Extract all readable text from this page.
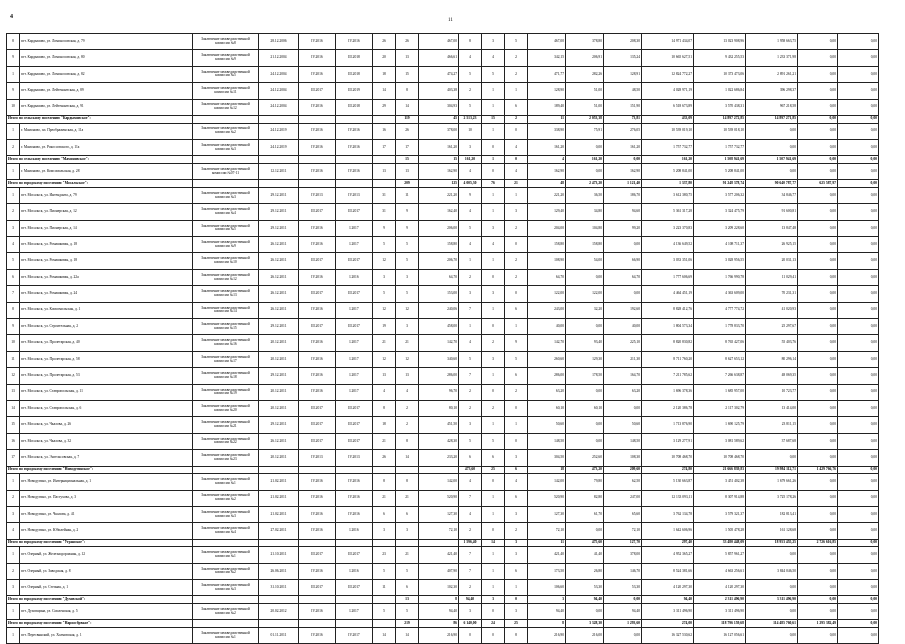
4
11
8	пгт. Кардымово, ул. Ломоносовская, д. 79	Заключение межведомственной комиссии №8	28.12.2006	IV.2016	IV.2016	26	26	467,00	8	3	5	467,00	378,80	208,30	14 971 434,07	13 023 908,96	1 958 663,75	0,00	0,00	
9	пгт. Кардымово, ул. Ломоносовская, д. 80	Заключение межведомственной комиссии №9	21.12.2004	IV.2016	III.2018	20	13	466,61	4	4	2	342,15	206,91	135,24	10 665 627,51	9 432 255,53	1 233 371,98	0,00	0,00	
1	пгт. Кардымово, ул. Ломоносовская, д. 82	Заключение межведомственной комиссии №5	24.12.2004	IV.2016	III.2018	18	15	474,27	5	5	2	471,77	282,26	128,91	12 824 772,27	10 373 473,06	2 891 261,21	0,00	0,00	
9	пгт. Кардымово, ул. Лейтенантская, д. 89	Заключение межведомственной комиссии №11	24.12.2004	III.2017	III.2019	14	8	403,38	2	1	1	128,90	51,00	48,50	4 028 971,19	1 022 686,84	396 298,37	0,00	0,00	
10	пгт. Кардымово, ул. Лейтенантская, д. 91	Заключение межведомственной комиссии №12	24.12.2004	IV.2016	III.2018	29	14	304,93	5	1	6	189,40	51,00	151,90	6 518 673,89	3 570 438,31	967 218,58	0,00	0,00	
Итого по сельскому поселению "Кардымовское":							119	45	2 513,23	15	2	11	2 053,38	73,81	433,09	14 897 272,85	14 897 271,85	0,00	0,00	
1	г. Мамоново, пл. Преображенская, д. 11а	Заключение межведомственной комиссии №2	24.12.2019	IV.2016	IV.2016	16	26	378,00	10	1	0	338,90	75,91	276,05	10 539 019,10	10 539 018,10	0,00	0,00	0,00	
2	г. Мамоново, ул. Рокоссовского, д. 11а	Заключение межведомственной комиссии №3	24.12.2019	IV.2016	IV.2016	17	17	161,20	3	0	4	161,20	0,00	161,20	1 757 732,77	1 757 732,77	0,00	0,00	0,00	
Итого по сельскому поселению "Мамоновское":							15	15	161,20	1	0	4	161,20	0,00	161,20	1 508 941,69	1 507 941,69	0,00	0,00	
1	г. Мамоново, ул. Комсомольская, д. 28	Заключение межведомственной комиссии №07-11	12.12.2011	IV.2016	IV.2016	13	13	162,90	4	0	4	162,90	0,00	162,90	5 208 841,00	5 208 841,00	0,00	0,00	0,00	
Итого по городскому поселению "Мосальское":							209	125	4 005,30	76	21	48	2 473,20	1 121,40	1 337,80	91 248 378,74	90 640 787,77	625 587,97	0,00	
1	пгт. Мосальск, ул. Интенданта, д. 79	Заключение межведомственной комиссии №3	29.12.2011	IV.2013	IV.2013	31	11	221,20	9	1	1	221,20	36,50	186,70	3 612 380,75	3 577 206,32	34 846,77	0,00	0,00	
2	пгт. Мосальск, ул. Пионерская, д. 12	Заключение межведомственной комиссии №4	29.12.2011	III.2017	III.2017	31	9	162,40	4	1	3	129,40	34,80	94,60	5 361 317,28	3 324 475,79	91 600,81	0,00	0,00	
3	пгт. Мосальск, ул. Пионерская, д. 14	Заключение межведомственной комиссии №5	29.12.2011	IV.2016	I.2017	9	9	206,00	5	3	2	204,00	104,80	99,20	3 223 370,83	3 209 228,60	13 847,48	0,00	0,00	
4	пгт. Мосальск, ул. Ромашковая, д. 18	Заключение межведомственной комиссии №9	26.12.2011	IV.2016	I.2017	5	5	158,80	4	4	0	158,80	158,80	0,00	4 136 649,52	4 108 711,37	26 925,15	0,00	0,00	
5	пгт. Мосальск, ул. Ромашковая, д. 18	Заключение межведомственной комиссии №10	26.12.2011	III.2017	III.2017	12	5	206,70	1	1	2	108,90	54,00	66,90	3 033 351,06	3 028 956,55	20 031,13	0,00	0,00	
6	пгт. Мосальск, ул. Ромашковая, д. 22а	Заключение межведомственной комиссии №12	26.12.2011	IV.2016	I.2016	3	3	64,70	2	0	2	64,70	0,00	64,70	1 777 606,69	1 766 990,78	11 029,41	0,00	0,00	
7	пгт. Мосальск, ул. Ромашковая, д. 24	Заключение межведомственной комиссии №13	26.12.2011	III.2017	III.2017	5	5	153,00	3	3	0	122,00	122,00	0,00	4 464 451,19	4 363 609,00	70 231,31	0,00	0,00	
8	пгт. Мосальск, ул. Комсомольская, д. 1	Заключение межведомственной комиссии №14	26.12.2011	IV.2016	I.2017	12	12	240,06	7	1	6	243,00	32,20	192,60	8 828 412,76	4 777 774,72	41 020,93	0,00	0,00	
9	пгт. Мосальск, ул. Строительная, д. 2	Заключение межведомственной комиссии №15	29.12.2011	III.2017	III.2017	19	3	458,00	1	0	1	40,00	0,00	40,00	1 804 573,34	1 778 833,70	25 297,67	0,00	0,00	
10	пгт. Мосальск, ул. Пролетарская, д. 40	Заключение межведомственной комиссии №16	20.12.2011	IV.2016	I.2017	21	21	142,70	4	2	9	142,70	93,40	225,10	8 820 830,82	8 765 427,06	55 403,76	0,00	0,00	
11	пгт. Мосальск, ул. Пролетарская, д. 58	Заключение межведомственной комиссии №17	20.12.2011	IV.2016	I.2017	12	12	340,60	5	3	5	260,60	129,30	211,30	8 711 760,20	8 627 653,12	80 296,14	0,00	0,00	
12	пгт. Мосальск, ул. Пролетарская, д. 53	Заключение межведомственной комиссии №18	29.12.2011	IV.2016	I.2017	13	13	286,00	7	1	6	286,00	178,50	164,70	7 211 785,62	7 266 638,87	48 069,35	0,00	0,00	
13	пгт. Мосальск, ул. Ставропольская, д. 11	Заключение межведомственной комиссии №19	20.12.2011	IV.2016	I.2017	4	4	96,70	2	0	2	63,20	0,00	63,20	1 696 378,36	1 685 957,00	10 723,77	0,00	0,00	
14	пгт. Мосальск, ул. Ставропольская, д. 6	Заключение межведомственной комиссии №20	20.12.2011	III.2017	III.2017	8	2	80,10	2	2	0	60,10	60,10	0,00	2 120 386,78	2 117 302,79	13 414,00	0,00	0,00	
15	пгт. Мосальск, ул. Чкалова, д. 26	Заключение межведомственной комиссии №21	29.12.2011	III.2017	III.2017	18	2	451,50	3	1	1	50,60	0,00	50,60	1 713 876,90	1 690 125,79	23 811,15	0,00	0,00	
16	пгт. Мосальск, ул. Чкалова, д. 32	Заключение межведомственной комиссии №22	26.12.2011	III.2017	III.2017	21	8	428,30	5	5	0	148,50	0,00	148,50	3 129 277,91	3 081 589,62	37 687,68	0,00	0,00	
17	пгт. Мосальск, ул. Энгельсовская, д. 7	Заключение межведомственной комиссии №23	20.12.2011	IV.2013	IV.2013	26	14	233,20	6	6	3	304,50	252,60	108,30	10 708 468,70	10 708 468,70	0,00	0,00	0,00	
Итого по городскому поселению "Новодугинское":									473,60	25	6	18	473,20	209,60	274,80	21 666 839,83	19 984 112,71	1 429 766,76	0,00	
1	пгт. Новодугино, ул. Интернациональная, д. 1	Заключение межведомственной комиссии №1	21.02.2011	IV.2016	IV.2016	8	8	142,00	4	0	4	142,00	79,80	62,50	5 130 663,87	3 451 402,38	1 679 661,26	0,00	0,00	
2	пгт. Новодугино, ул. Пастухова, д. 3	Заключение межведомственной комиссии №2	21.02.2011	IV.2016	IV.2016	21	21	520,90	7	1	6	520,90	82,80	247,00	12 133 093,11	8 307 914,88	3 725 178,26	0,00	0,00	
3	пгт. Новодугино, ул. Чкалова, д. 41	Заключение межведомственной комиссии №3	21.02.2011	IV.2016	IV.2016	6	6	127,30	4	1	3	127,30	61,70	65,60	3 762 134,78	3 579 321,37	182 813,41	0,00	0,00	
4	пгт. Новодугино, ул. Юбилейная, д. 2	Заключение межведомственной комиссии №4	27.02.2011	IV.2016	I.2016	3	3	72,10	2	0	2	72,10	0,00	72,10	1 642 606,96	1 505 478,28	161 128,68	0,00	0,00	
Итого по городскому поселению "Угранское":									1 596,40	14	3	11	475,60	127,70	297,40	33 480 448,09	18 953 455,25	2 726 616,85	0,00	
1	пгт. Озерный, ул. Железнодорожная, д. 12	Заключение межведомственной комиссии №1	21.10.2011	III.2017	III.2017	23	21	421,40	7	1	3	421,40	41,40	378,00	4 952 365,27	5 857 961,27	0,00	0,00	0,00	
2	пгт. Озерный, ул. Заводская, д. 8	Заключение межведомственной комиссии №2	26.06.2011	IV.2016	I.2016	5	5	407,90	7	1	6	173,50	26,80	146,70	8 524 381,66	4 663 256,61	3 844 046,50	0,00	0,00	
3	пгт. Озерный, ул. Степная, д. 1	Заключение межведомственной комиссии №3	31.10.2011	III.2017	III.2017	11	6	102,30	2	1	1	106,60	53,30	53,30	4 120 297,30	4 120 297,30	0,00	0,00	0,00	
Итого по городскому поселению "Духовской":							13	8	94,40	3	0	3	94,40	0,00	94,40	2 311 496,90	3 311 496,90	0,00	0,00	
1	пгт. Духовщина, ул. Смоленская, д. 5	Заключение межведомственной комиссии №2	20.02.2012	IV.2016	I.2017	5	5	94,40	3	0	3	94,40	0,00	94,40	3 311 496,90	3 311 496,90	0,00	0,00	0,00	
Итого по городскому поселению "Нароосбрвкое":							219	86	6 140,00	24	25	8	3 328,30	1 293,60	274,00	118 796 159,68	114 485 760,61	1 295 382,49	0,00	
1	пгт. Пересвянский, ул. Холмовская, д. 1	Заключение межведомственной комиссии №1	01.11.2011	IV.2016	IV.2017	14	14	216,90	0	0	8	216,90	216,00	0,00	16 327 530,62	16 127 056,61	0,00	0,00	0,00	
